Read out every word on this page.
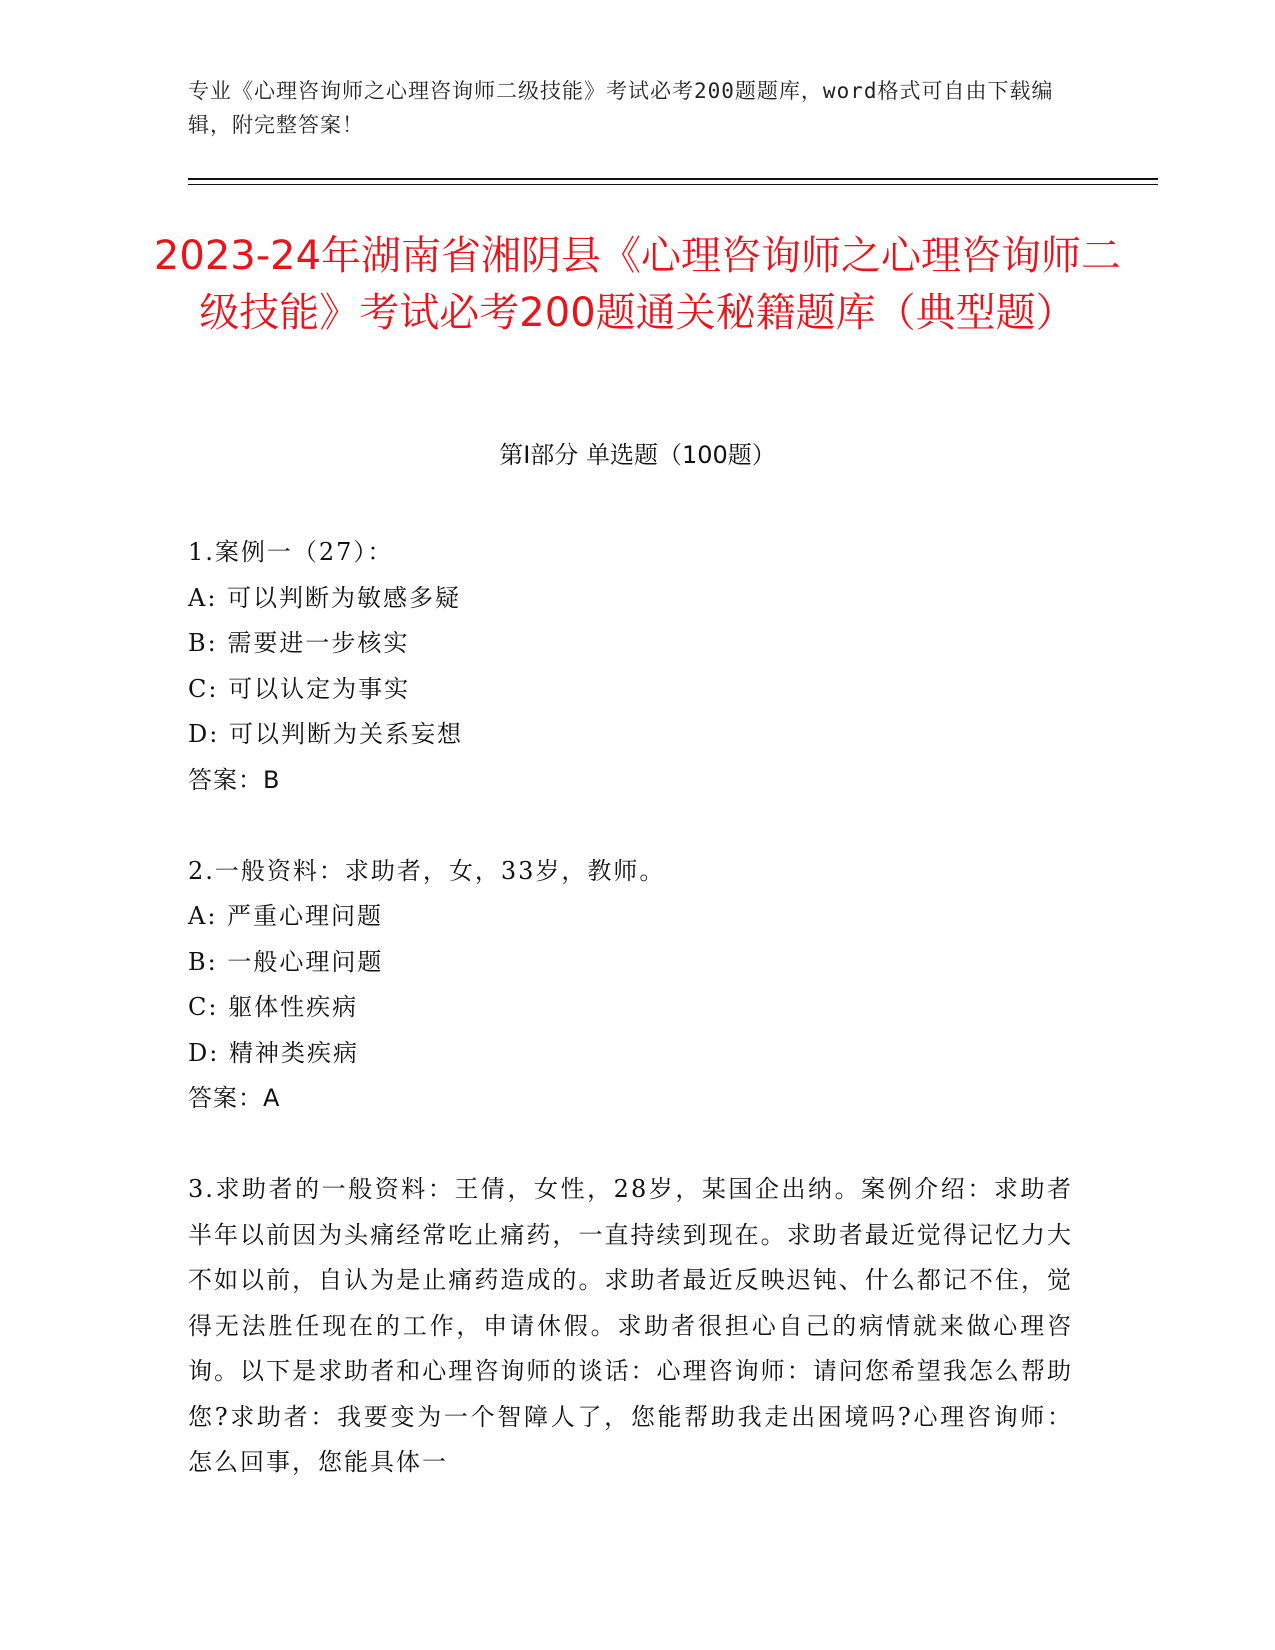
专业《心理咨询师之心理咨询师二级技能》考试必考200题题库，word格式可自由下载编辑，附完整答案！
2023-24年湖南省湘阴县《心理咨询师之心理咨询师二级技能》考试必考200题通关秘籍题库（典型题）
第I部分 单选题（100题）
1.案例一（27）：
A: 可以判断为敏感多疑
B: 需要进一步核实
C: 可以认定为事实
D: 可以判断为关系妄想
答案：B
2.一般资料：求助者，女，33岁，教师。
A: 严重心理问题
B: 一般心理问题
C: 躯体性疾病
D: 精神类疾病
答案：A
3.求助者的一般资料：王倩，女性，28岁，某国企出纳。案例介绍：求助者半年以前因为头痛经常吃止痛药，一直持续到现在。求助者最近觉得记忆力大不如以前，自认为是止痛药造成的。求助者最近反映迟钝、什么都记不住，觉得无法胜任现在的工作，申请休假。求助者很担心自己的病情就来做心理咨询。以下是求助者和心理咨询师的谈话：心理咨询师：请问您希望我怎么帮助您?求助者：我要变为一个智障人了，您能帮助我走出困境吗?心理咨询师：怎么回事，您能具体一
